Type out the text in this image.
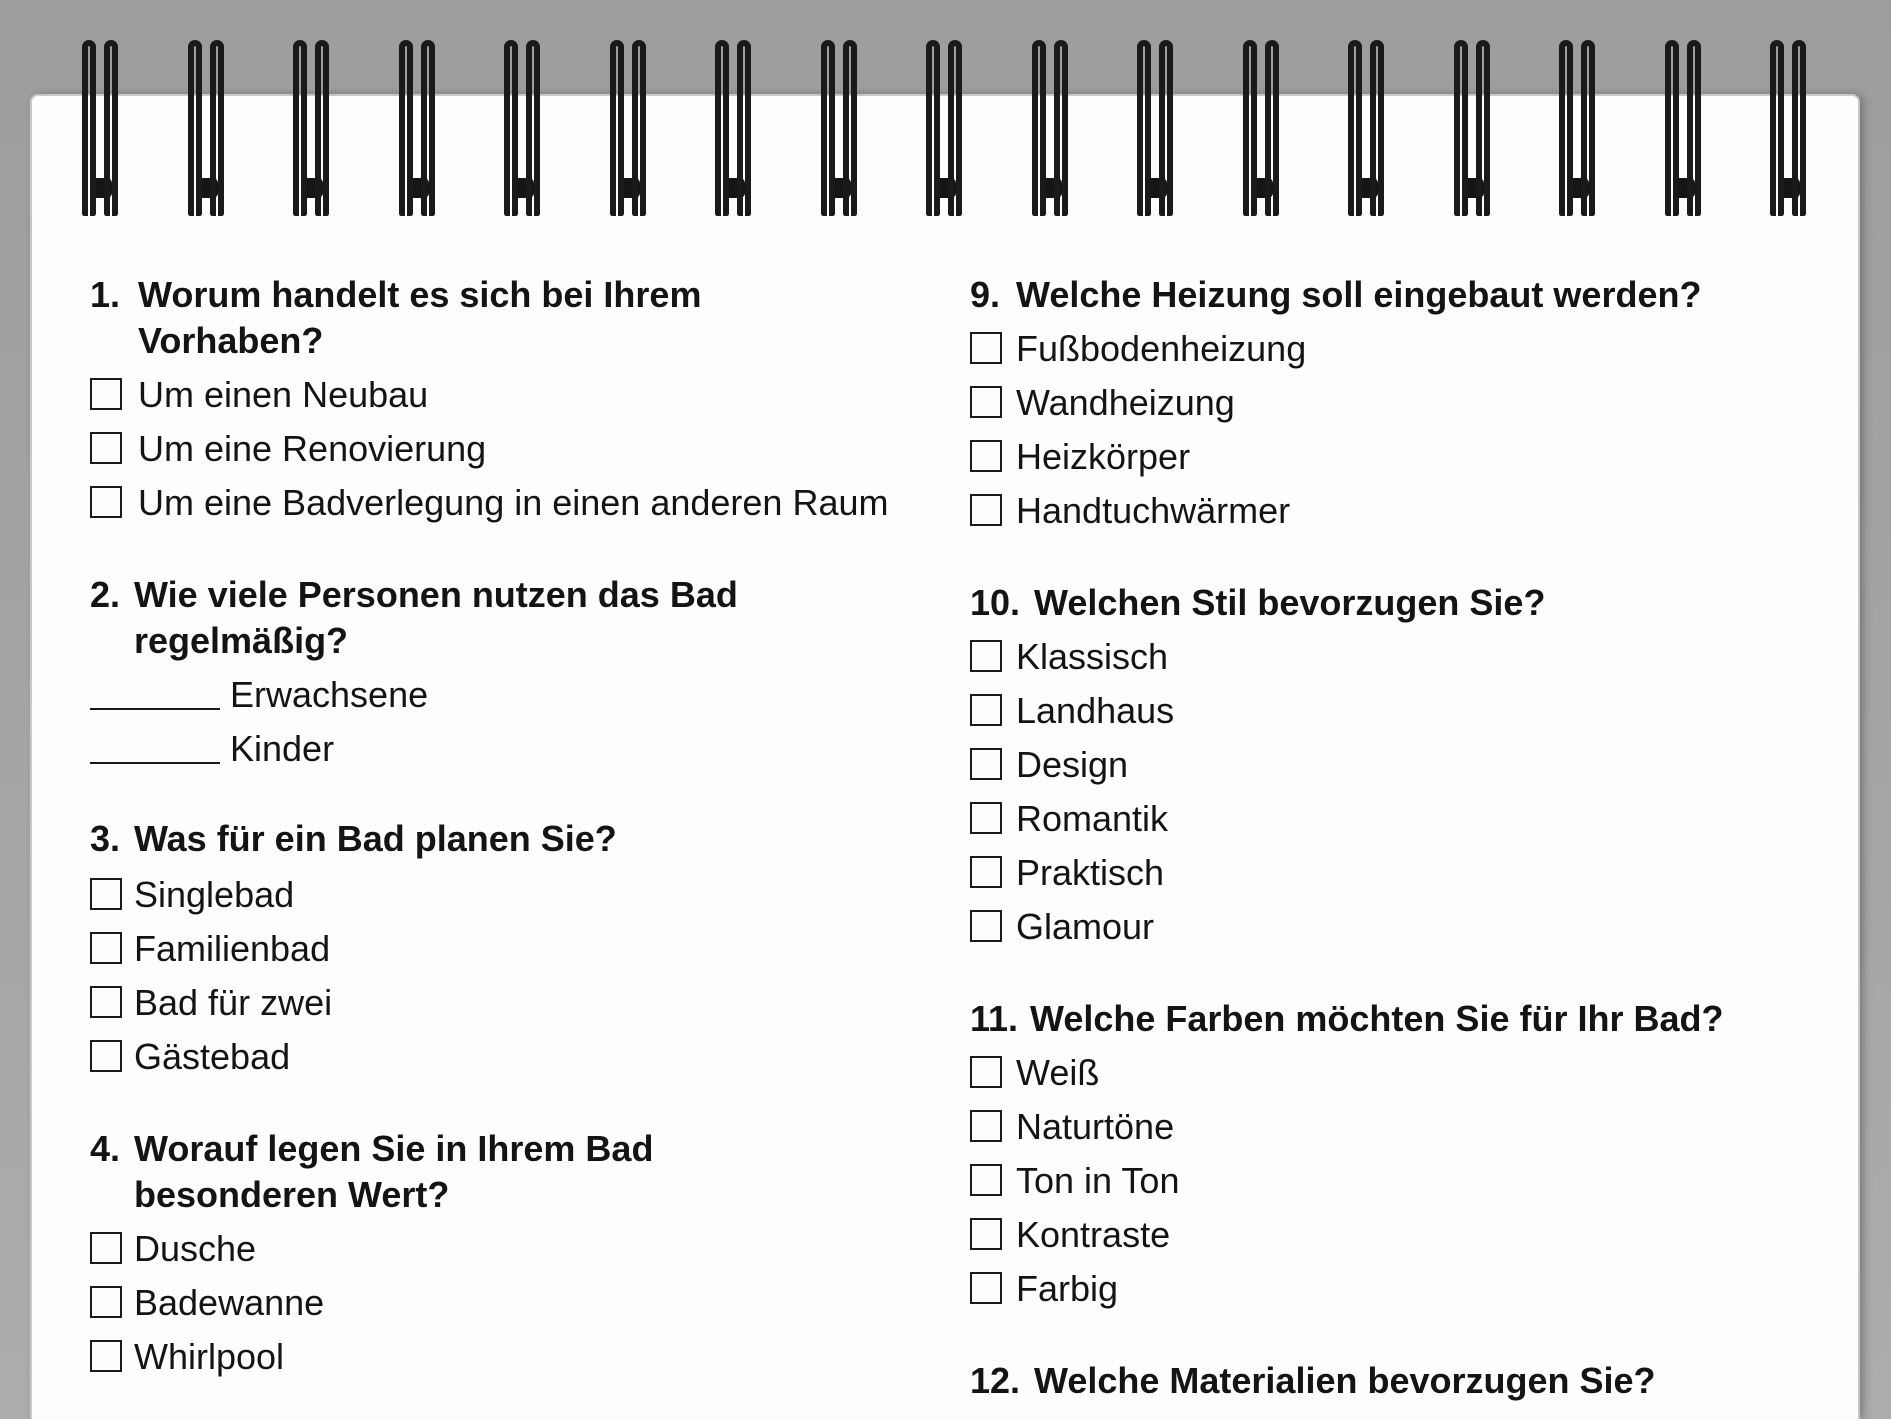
1. Worum handelt es sich bei Ihrem
Vorhaben?
Um einen Neubau
Um eine Renovierung
Um eine Badverlegung in einen anderen Raum
2. Wie viele Personen nutzen das Bad
regelmäßig?
Erwachsene
Kinder
3. Was für ein Bad planen Sie?
Singlebad
Familienbad
Bad für zwei
Gästebad
4. Worauf legen Sie in Ihrem Bad
besonderen Wert?
Dusche
Badewanne
Whirlpool
9. Welche Heizung soll eingebaut werden?
Fußbodenheizung
Wandheizung
Heizkörper
Handtuchwärmer
10. Welchen Stil bevorzugen Sie?
Klassisch
Landhaus
Design
Romantik
Praktisch
Glamour
11. Welche Farben möchten Sie für Ihr Bad?
Weiß
Naturtöne
Ton in Ton
Kontraste
Farbig
12. Welche Materialien bevorzugen Sie?
